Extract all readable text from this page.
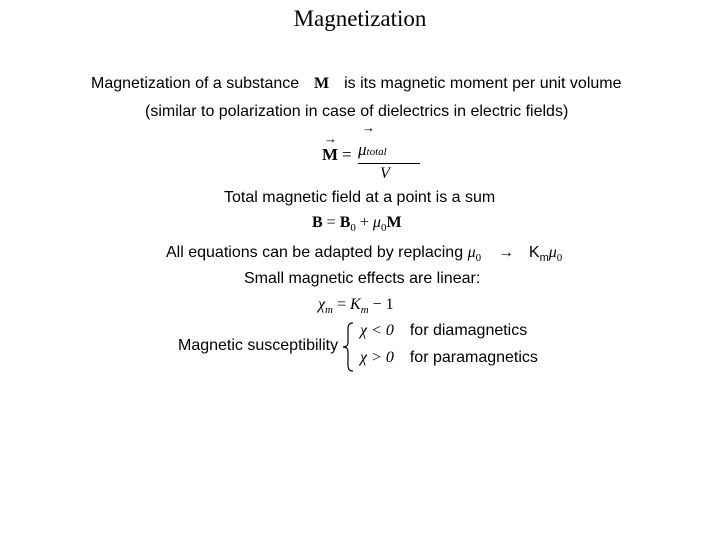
Magnetization
Magnetization of a substance M is its magnetic moment per unit volume
(similar to polarization in case of dielectrics in electric fields)
→
M =
→
μtotal
V
Total magnetic field at a point is a sum
$B = B_0 + \mu_0M$
All equations can be adapted by replacing $\mu_0 \to K_m\mu_0$
Small magnetic effects are linear:
$\chi_m = K_m - 1$
Magnetic susceptibility
χ < 0 for diamagnetics
χ > 0 for paramagnetics
